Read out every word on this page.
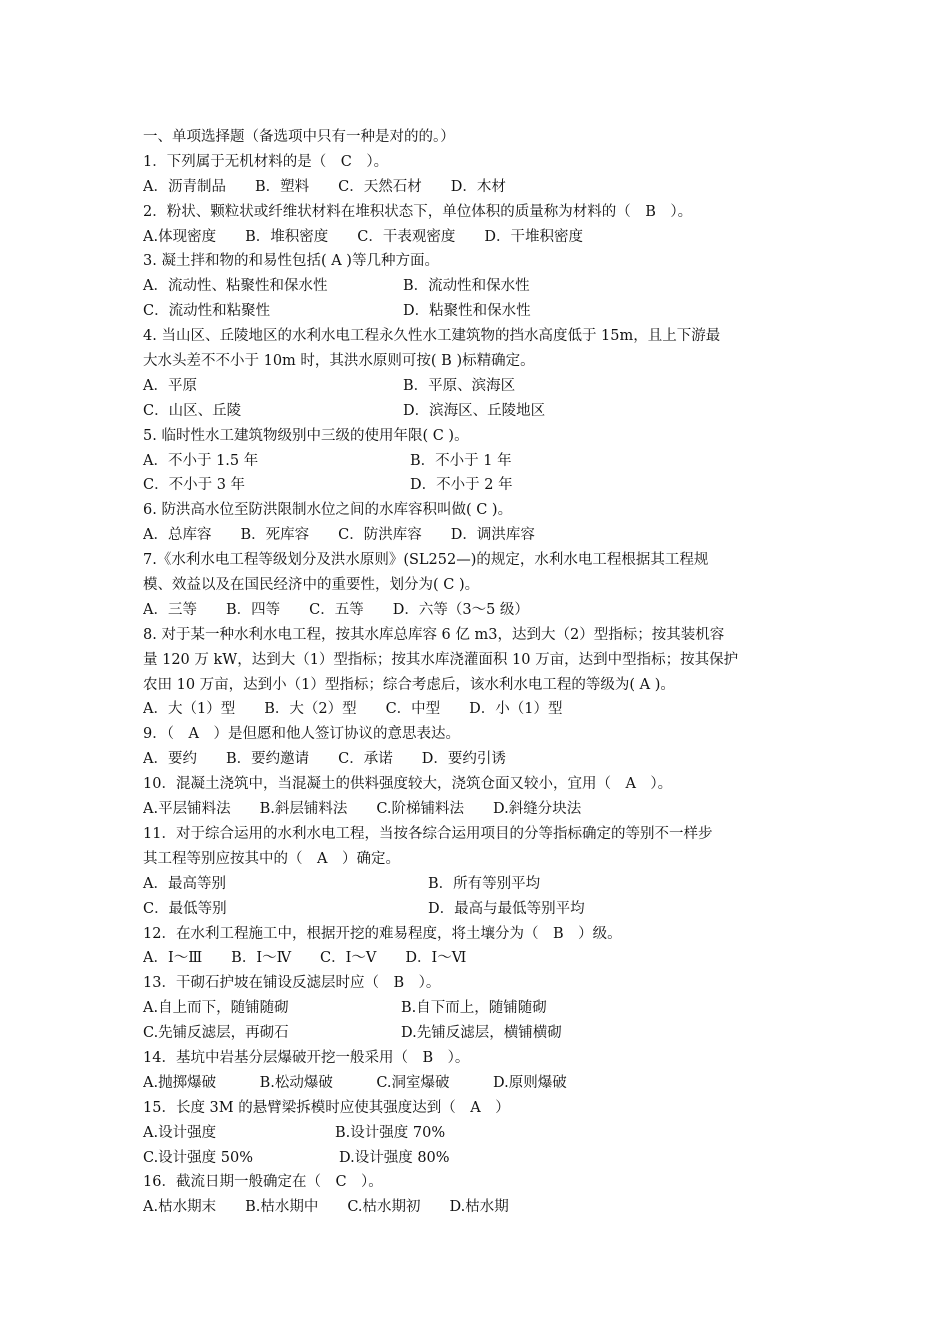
一、单项选择题（备选项中只有一种是对的的。）
1．下列属于无机材料的是（　C　）。
A．沥青制品　　B．塑料　　C．天然石材　　D．木材
2．粉状、颗粒状或纤维状材料在堆积状态下，单位体积的质量称为材料的（　B　）。
A.体现密度　　B．堆积密度　　C．干表观密度　　D．干堆积密度
3. 凝土拌和物的和易性包括( A )等几种方面。
A．流动性、粘聚性和保水性	B．流动性和保水性
C．流动性和粘聚性	D．粘聚性和保水性
4. 当山区、丘陵地区的水利水电工程永久性水工建筑物的挡水高度低于 15m，且上下游最
大水头差不不小于 10m 时，其洪水原则可按( B )标精确定。
A．平原	B．平原、滨海区
C．山区、丘陵	D．滨海区、丘陵地区
5. 临时性水工建筑物级别中三级的使用年限( C )。
A．不小于 1.5 年	B．不小于 1 年
C．不小于 3 年	D．不小于 2 年
6. 防洪高水位至防洪限制水位之间的水库容积叫做( C )。
A．总库容　　B．死库容　　C．防洪库容　　D．调洪库容
7.《水利水电工程等级划分及洪水原则》(SL252—)的规定，水利水电工程根据其工程规
模、效益以及在国民经济中的重要性，划分为( C )。
A．三等　　B．四等　　C．五等　　D．六等（3～5 级）
8. 对于某一种水利水电工程，按其水库总库容 6 亿 m3，达到大（2）型指标；按其装机容
量 120 万 kW，达到大（1）型指标；按其水库浇灌面积 10 万亩，达到中型指标；按其保护
农田 10 万亩，达到小（1）型指标；综合考虑后，该水利水电工程的等级为( A )。
A．大（1）型　　B．大（2）型　　C．中型　　D．小（1）型
9．（　A　）是但愿和他人签订协议的意思表达。
A．要约　　B．要约邀请　　C．承诺　　D．要约引诱
10．混凝土浇筑中，当混凝土的供料强度较大，浇筑仓面又较小，宜用（　A　）。
A.平层铺料法　　B.斜层铺料法　　C.阶梯铺料法　　D.斜缝分块法
11．对于综合运用的水利水电工程，当按各综合运用项目的分等指标确定的等别不一样步
其工程等别应按其中的（　A　）确定。
A．最高等别	B．所有等别平均
C．最低等别	D．最高与最低等别平均
12．在水利工程施工中，根据开挖的难易程度，将土壤分为（　B　）级。
A．Ⅰ～Ⅲ　　B．Ⅰ～Ⅳ　　C．Ⅰ～Ⅴ　　D．Ⅰ～Ⅵ
13．干砌石护坡在铺设反滤层时应（　B　）。
A.自上而下，随铺随砌	B.自下而上，随铺随砌
C.先铺反滤层，再砌石	D.先铺反滤层，横铺横砌
14．基坑中岩基分层爆破开挖一般采用（　B　）。
A.抛掷爆破　　　B.松动爆破　　　C.洞室爆破　　　D.原则爆破
15．长度 3M 的悬臂梁拆模时应使其强度达到（　A　）
A.设计强度	B.设计强度 70%
C.设计强度 50%	D.设计强度 80%
16．截流日期一般确定在（　C　）。
A.枯水期末　　B.枯水期中　　C.枯水期初　　D.枯水期
